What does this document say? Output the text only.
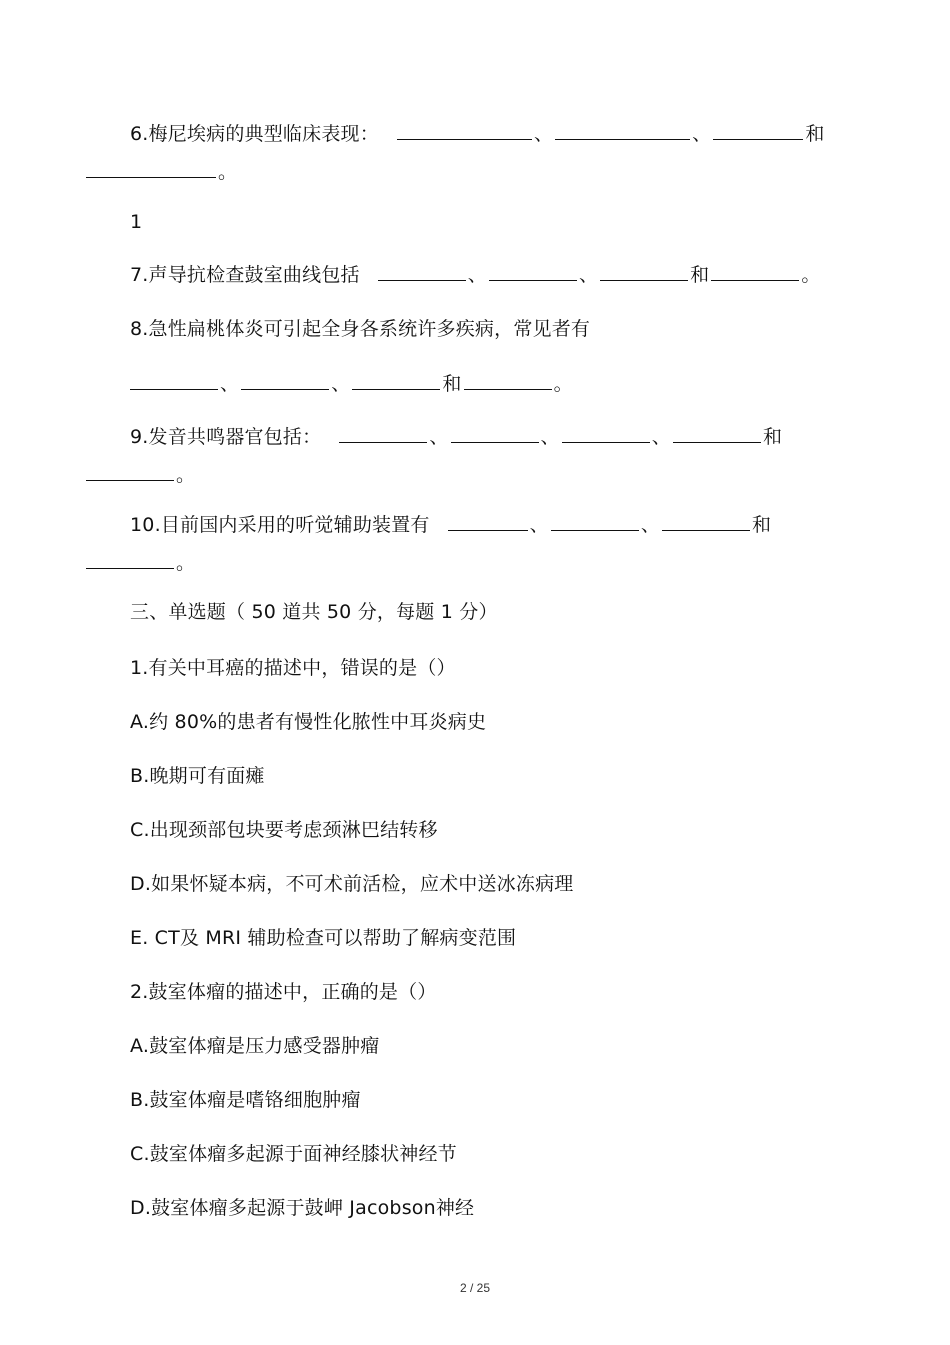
6.梅尼埃病的典型临床表现：	、	、	和
。
1
7.声导抗检查鼓室曲线包括	、	、	和	。
8.急性扁桃体炎可引起全身各系统许多疾病，常见者有
、	、	和	。
9.发音共鸣器官包括：	、	、	、	和
。
10.目前国内采用的听觉辅助装置有	、	、	和
。
三、单选题（ 50 道共 50 分，每题 1 分）
1.有关中耳癌的描述中，错误的是（）
A.约 80%的患者有慢性化脓性中耳炎病史
B.晚期可有面瘫
C.出现颈部包块要考虑颈淋巴结转移
D.如果怀疑本病，不可术前活检，应术中送冰冻病理
E. CT及 MRI 辅助检查可以帮助了解病变范围
2.鼓室体瘤的描述中，正确的是（）
A.鼓室体瘤是压力感受器肿瘤
B.鼓室体瘤是嗜铬细胞肿瘤
C.鼓室体瘤多起源于面神经膝状神经节
D.鼓室体瘤多起源于鼓岬 Jacobson神经
2 / 25
